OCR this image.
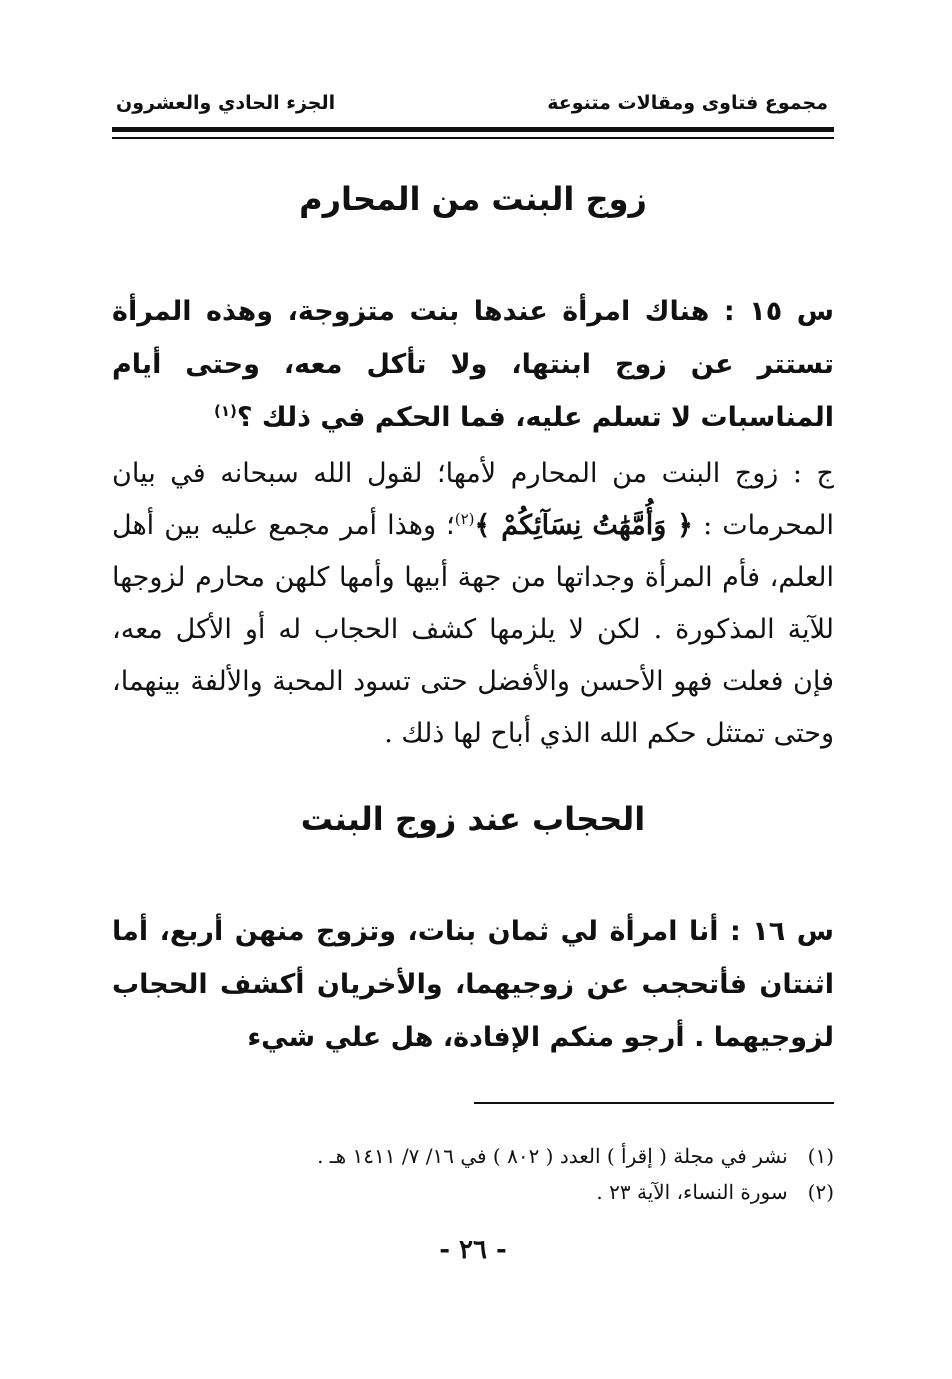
مجموع فتاوى ومقالات متنوعة
الجزء الحادي والعشرون
زوج البنت من المحارم
س ١٥ : هناك امرأة عندها بنت متزوجة، وهذه المرأة تستتر عن زوج ابنتها، ولا تأكل معه، وحتى أيام المناسبات لا تسلم عليه، فما الحكم في ذلك ؟$^{(١)}$
ج : زوج البنت من المحارم لأمها؛ لقول الله سبحانه في بيان المحرمات : ﴿ وَأُمَّهَٰتُ نِسَآئِكُمْ ﴾$^{(٢)}$؛ وهذا أمر مجمع عليه بين أهل العلم، فأم المرأة وجداتها من جهة أبيها وأمها كلهن محارم لزوجها للآية المذكورة . لكن لا يلزمها كشف الحجاب له أو الأكل معه، فإن فعلت فهو الأحسن والأفضل حتى تسود المحبة والألفة بينهما، وحتى تمتثل حكم الله الذي أباح لها ذلك .
الحجاب عند زوج البنت
س ١٦ : أنا امرأة لي ثمان بنات، وتزوج منهن أربع، أما اثنتان فأتحجب عن زوجيهما، والأخريان أكشف الحجاب لزوجيهما . أرجو منكم الإفادة، هل علي شيء
(١) نشر في مجلة ( إقرأ ) العدد ( ٨٠٢ ) في ١٦/ ٧/ ١٤١١ هـ .
(٢) سورة النساء، الآية ٢٣ .
- ٢٦ -
